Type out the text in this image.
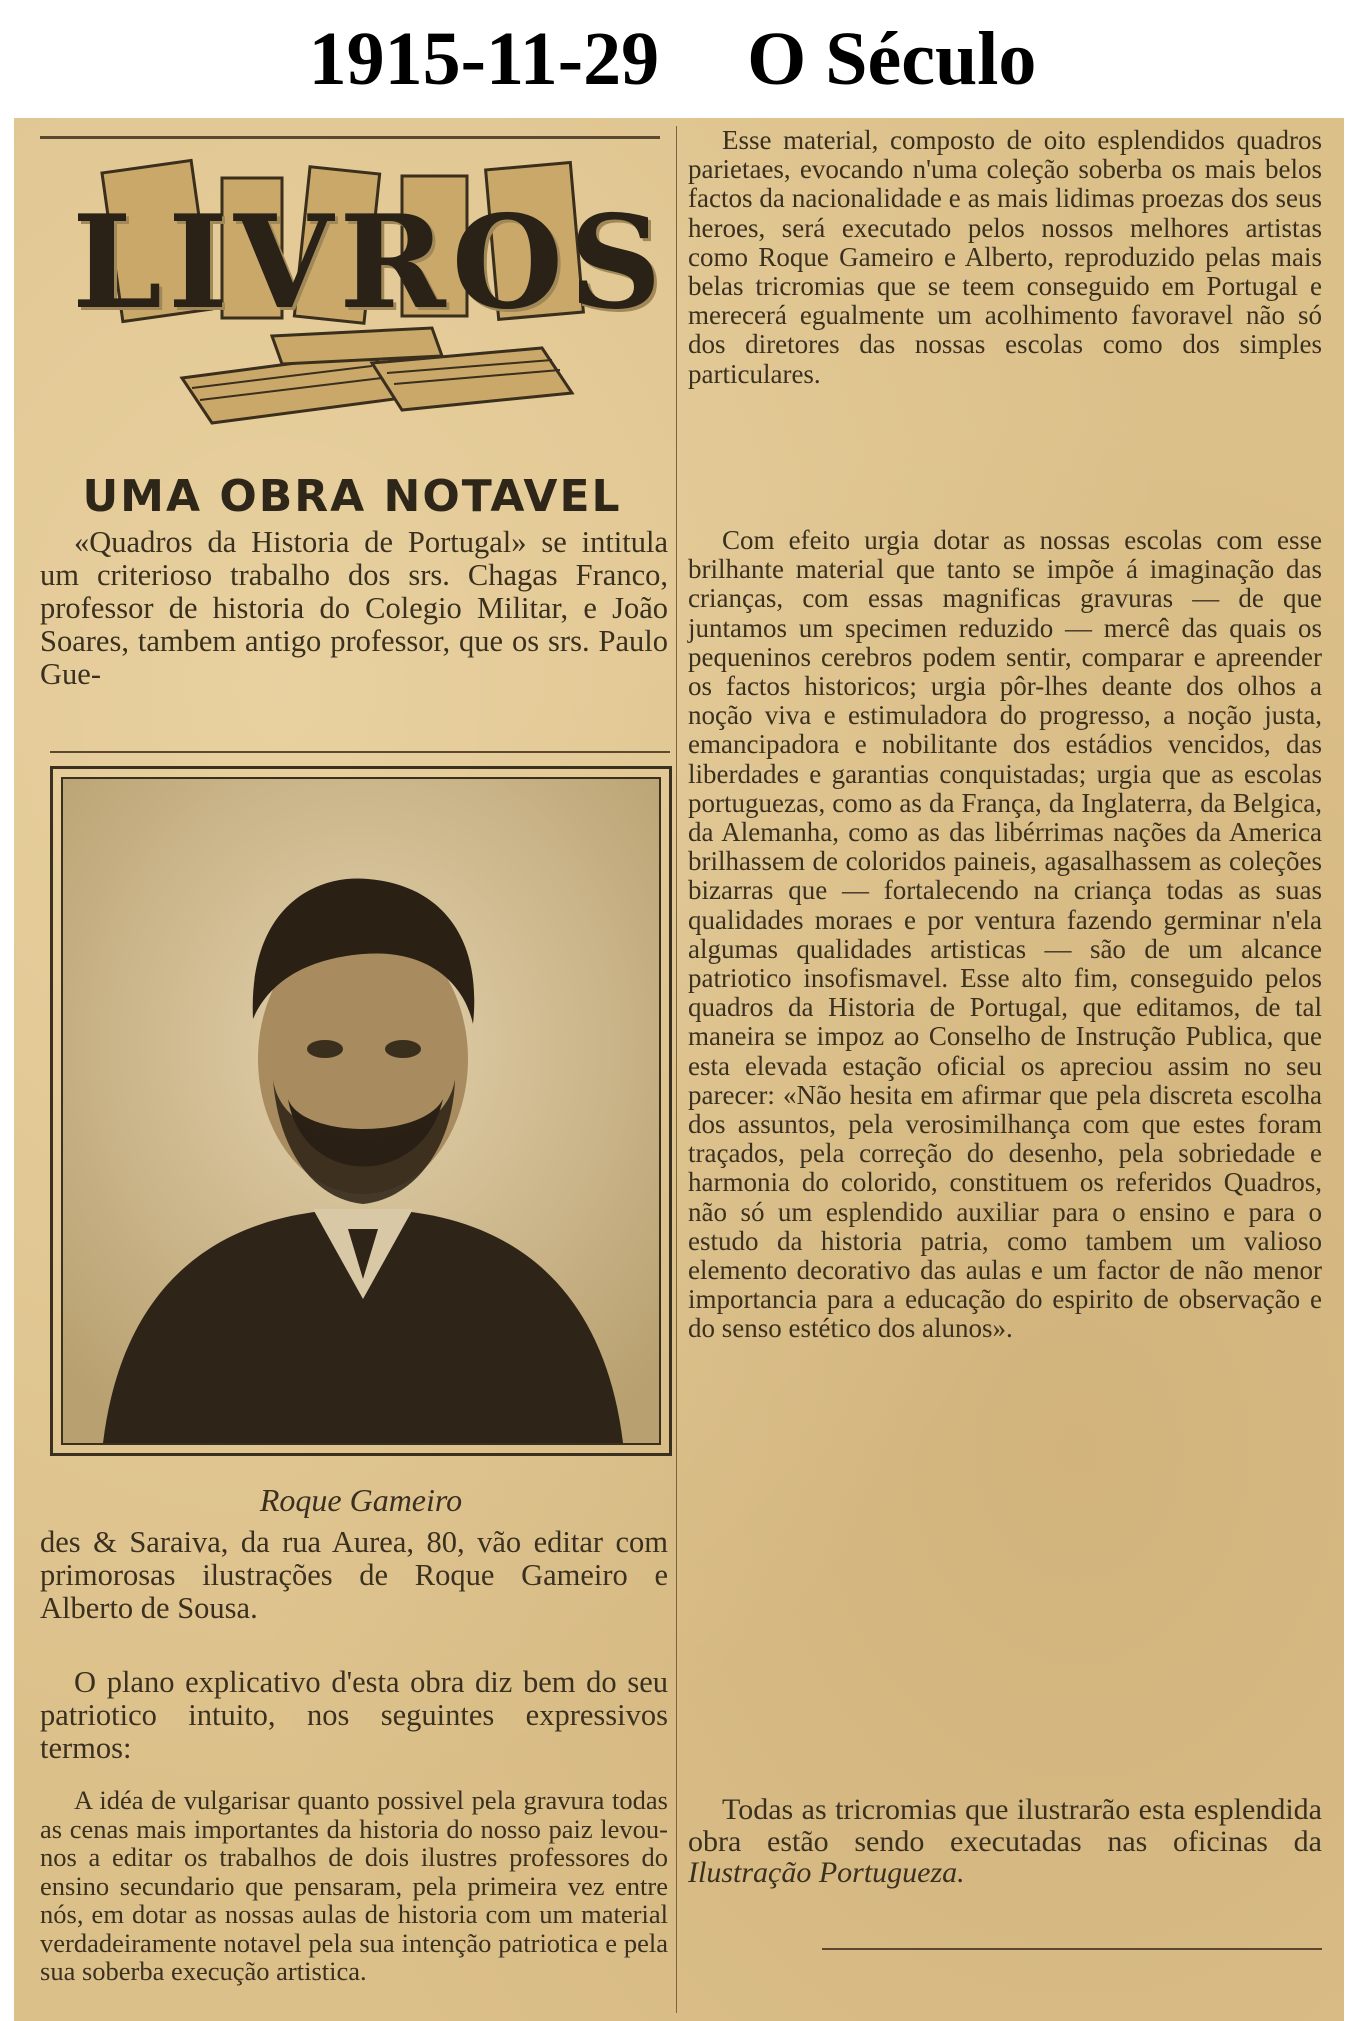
1915-11-29 O Século
LIVROS
UMA OBRA NOTAVEL

«Quadros da Historia de Portugal» se intitula um criterioso trabalho dos srs. Chagas Franco, professor de historia do Colegio Militar, e João Soares, tambem antigo professor, que os srs. Paulo Gue-

Roque Gameiro

des & Saraiva, da rua Aurea, 80, vão editar com primorosas ilustrações de Roque Gameiro e Alberto de Sousa.

O plano explicativo d'esta obra diz bem do seu patriotico intuito, nos seguintes expressivos termos:

A idéa de vulgarisar quanto possivel pela gravura todas as cenas mais importantes da historia do nosso paiz levou-nos a editar os trabalhos de dois ilustres professores do ensino secundario que pensaram, pela primeira vez entre nós, em dotar as nossas aulas de historia com um material verdadeiramente notavel pela sua intenção patriotica e pela sua soberba execução artistica.

Esse material, composto de oito esplendidos quadros parietaes, evocando n'uma coleção soberba os mais belos factos da nacionalidade e as mais lidimas proezas dos seus heroes, será executado pelos nossos melhores artistas como Roque Gameiro e Alberto, reproduzido pelas mais belas tricromias que se teem conseguido em Portugal e merecerá egualmente um acolhimento favoravel não só dos diretores das nossas escolas como dos simples particulares.

Com efeito urgia dotar as nossas escolas com esse brilhante material que tanto se impõe á imaginação das crianças, com essas magnificas gravuras — de que juntamos um specimen reduzido — mercê das quais os pequeninos cerebros podem sentir, comparar e apreender os factos historicos; urgia pôr-lhes deante dos olhos a noção viva e estimuladora do progresso, a noção justa, emancipadora e nobilitante dos estádios vencidos, das liberdades e garantias conquistadas; urgia que as escolas portuguezas, como as da França, da Inglaterra, da Belgica, da Alemanha, como as das libérrimas nações da America brilhassem de coloridos paineis, agasalhassem as coleções bizarras que — fortalecendo na criança todas as suas qualidades moraes e por ventura fazendo germinar n'ela algumas qualidades artisticas — são de um alcance patriotico insofismavel. Esse alto fim, conseguido pelos quadros da Historia de Portugal, que editamos, de tal maneira se impoz ao Conselho de Instrução Publica, que esta elevada estação oficial os apreciou assim no seu parecer: «Não hesita em afirmar que pela discreta escolha dos assuntos, pela verosimilhança com que estes foram traçados, pela correção do desenho, pela sobriedade e harmonia do colorido, constituem os referidos Quadros, não só um esplendido auxiliar para o ensino e para o estudo da historia patria, como tambem um valioso elemento decorativo das aulas e um factor de não menor importancia para a educação do espirito de observação e do senso estético dos alunos».

Todas as tricromias que ilustrarão esta esplendida obra estão sendo executadas nas oficinas da Ilustração Portugueza.
